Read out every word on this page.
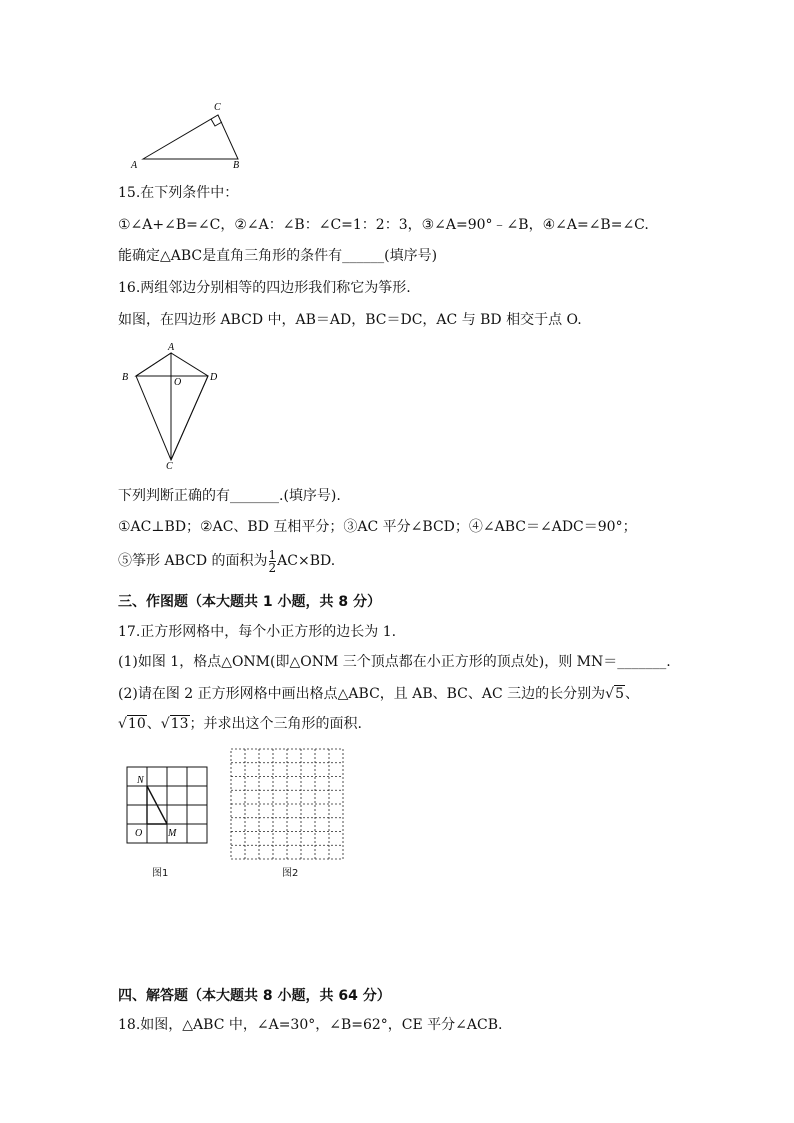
A
C
B
15.在下列条件中：
①∠A+∠B=∠C，②∠A：∠B：∠C=1：2：3，③∠A=90°﹣∠B，④∠A=∠B=∠C.
能确定△ABC是直角三角形的条件有______(填序号)
16.两组邻边分别相等的四边形我们称它为筝形.
如图，在四边形 ABCD 中，AB＝AD，BC＝DC，AC 与 BD 相交于点 O.
A
B	D
O
C
下列判断正确的有_______.(填序号).
①AC⊥BD；②AC、BD 互相平分；③AC 平分∠BCD；④∠ABC＝∠ADC＝90°；
⑤筝形 ABCD 的面积为 $\frac{1}{2} AC\times BD$.
三、作图题（本大题共 1 小题，共 8 分）
17.正方形网格中，每个小正方形的边长为 1.
(1)如图 1，格点△ONM(即△ONM 三个顶点都在小正方形的顶点处)，则 MN＝_______.
(2)请在图 2 正方形网格中画出格点△ABC，且 AB、BC、AC 三边的长分别为√5、
√10、√13；并求出这个三角形的面积.
N
O	M
图1	图2
四、解答题（本大题共 8 小题，共 64 分）
18.如图，△ABC 中，∠A=30°，∠B=62°，CE 平分∠ACB.
